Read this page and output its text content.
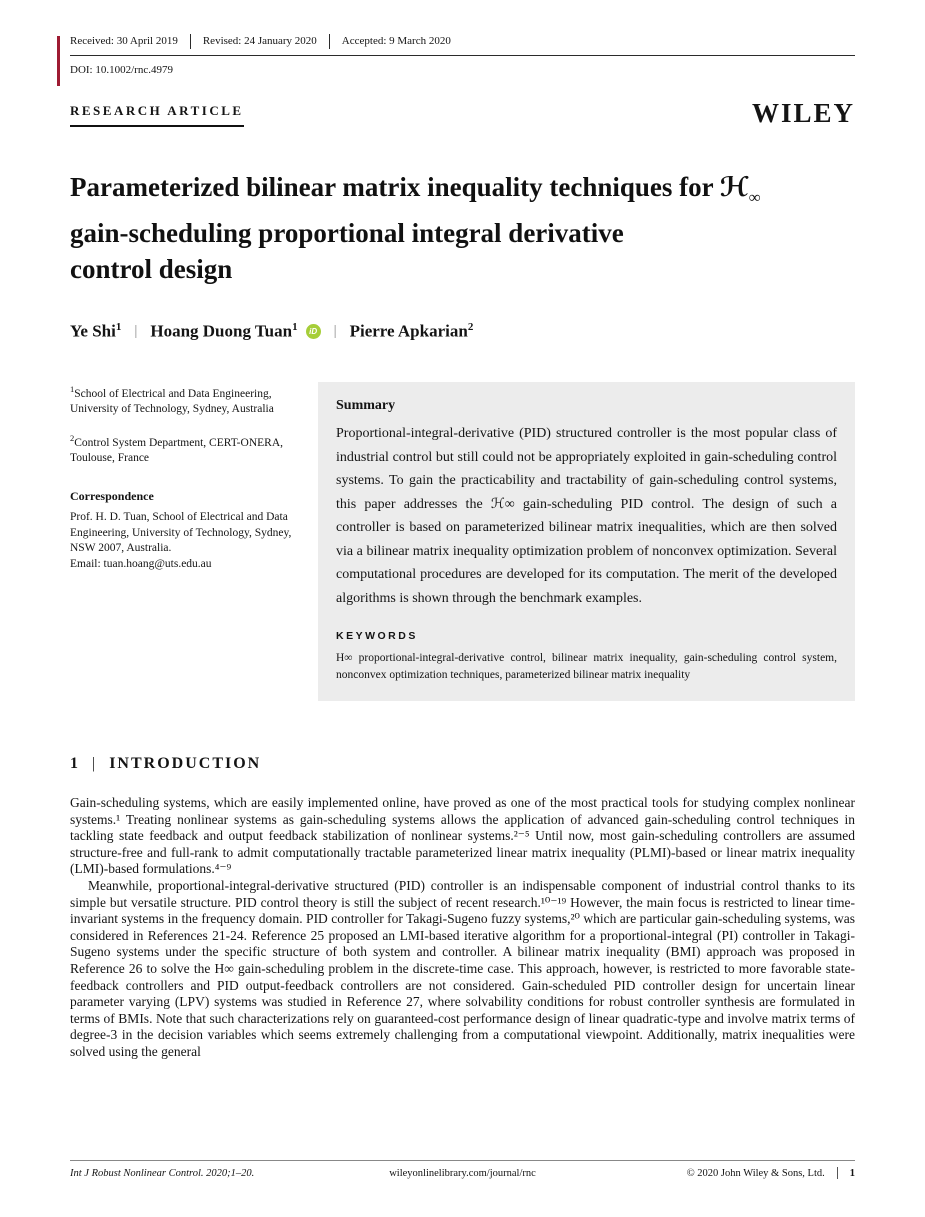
Received: 30 April 2019	Revised: 24 January 2020	Accepted: 9 March 2020
DOI: 10.1002/rnc.4979
RESEARCH ARTICLE	WILEY
Parameterized bilinear matrix inequality techniques for ℋ$_\infty$
gain-scheduling proportional integral derivative
control design
Ye Shi$^1$ | Hoang Duong Tuan$^1$	iD | Pierre Apkarian$^2$

$^1$School of Electrical and Data Engineering, University of Technology, Sydney, Australia

$^2$Control System Department, CERT-ONERA, Toulouse, France

Correspondence

Prof. H. D. Tuan, School of Electrical and Data Engineering, University of Technology, Sydney, NSW 2007, Australia.

Email: tuan.hoang@uts.edu.au

Summary

Proportional-integral-derivative (PID) structured controller is the most popular class of industrial control but still could not be appropriately exploited in gain-scheduling control systems. To gain the practicability and tractability of gain-scheduling control systems, this paper addresses the ℋ∞ gain-scheduling PID control. The design of such a controller is based on parameterized bilinear matrix inequalities, which are then solved via a bilinear matrix inequality optimization problem of nonconvex optimization. Several computational procedures are developed for its computation. The merit of the developed algorithms is shown through the benchmark examples.

KEYWORDS

H∞ proportional-integral-derivative control, bilinear matrix inequality, gain-scheduling control system, nonconvex optimization techniques, parameterized bilinear matrix inequality

1 | INTRODUCTION

Gain-scheduling systems, which are easily implemented online, have proved as one of the most practical tools for studying complex nonlinear systems.¹ Treating nonlinear systems as gain-scheduling systems allows the application of advanced gain-scheduling control techniques in tackling state feedback and output feedback stabilization of nonlinear systems.²⁻⁵ Until now, most gain-scheduling controllers are assumed structure-free and full-rank to admit computationally tractable parameterized linear matrix inequality (PLMI)-based or linear matrix inequality (LMI)-based formulations.⁴⁻⁹

Meanwhile, proportional-integral-derivative structured (PID) controller is an indispensable component of industrial control thanks to its simple but versatile structure. PID control theory is still the subject of recent research.¹⁰⁻¹⁹ However, the main focus is restricted to linear time-invariant systems in the frequency domain. PID controller for Takagi-Sugeno fuzzy systems,²⁰ which are particular gain-scheduling systems, was considered in References 21-24. Reference 25 proposed an LMI-based iterative algorithm for a proportional-integral (PI) controller in Takagi-Sugeno systems under the specific structure of both system and controller. A bilinear matrix inequality (BMI) approach was proposed in Reference 26 to solve the H∞ gain-scheduling problem in the discrete-time case. This approach, however, is restricted to more favorable state-feedback controllers and PID output-feedback controllers are not considered. Gain-scheduled PID controller design for uncertain linear parameter varying (LPV) systems was studied in Reference 27, where solvability conditions for robust controller synthesis are formulated in terms of BMIs. Note that such characterizations rely on guaranteed-cost performance design of linear quadratic-type and involve matrix terms of degree-3 in the decision variables which seems extremely challenging from a computational viewpoint. Additionally, matrix inequalities were solved using the general

Int J Robust Nonlinear Control. 2020;1–20.	wileyonlinelibrary.com/journal/rnc	© 2020 John Wiley & Sons, Ltd. 1
